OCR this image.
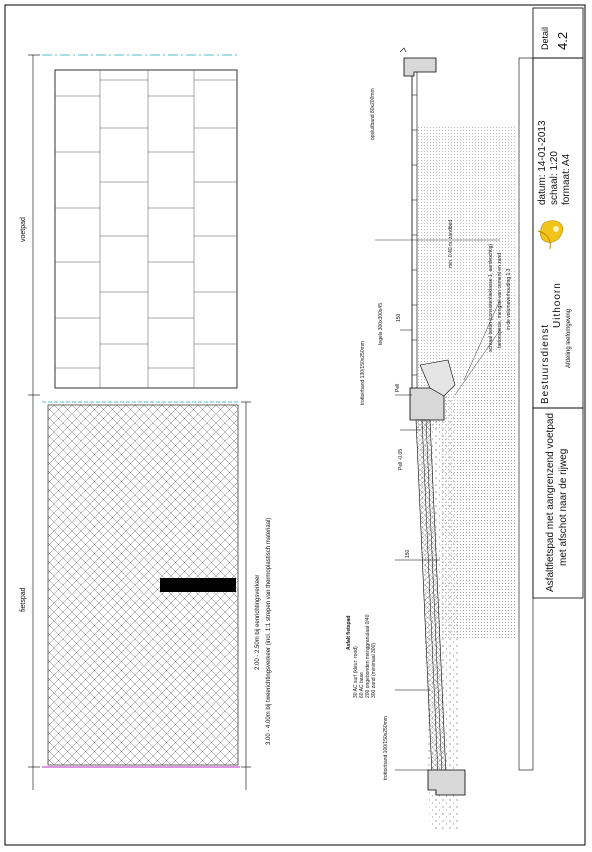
Detail 4.2
datum: 14-01-2013 schaal: 1:20 formaat: A4
Bestuursdienst
Uithoorn
Afdeling leefomgeving
Asfaltfietspad met aangrenzend voetpad met afschot naar de rijweg
voetpad
fietspad	2.00 - 2.50m bij eenrichtingsverkeer 3.00 - 4.00m bij tweerichtingsverkeer (incl. 1:1 strepen van thermoplastisch materiaal)
opsluitband 80x200mm
min. 0.40 m. zandbed
tegels 300x300x45
trottoirband 130/150x250mm
150
Pell
schraal beton (consistentieklasse 1, aardvochtig) betonspecie, mengsel van cement en zand in de volumeverhouding 1:3
Pell -0.05
150
Asfalt fietspad
30 AC surf (kleur: rood) 60 AC base 200 ongebonden menggranulaat 0/40 300 zand (minimaal 300)
trottoirband 100/150x250mm
